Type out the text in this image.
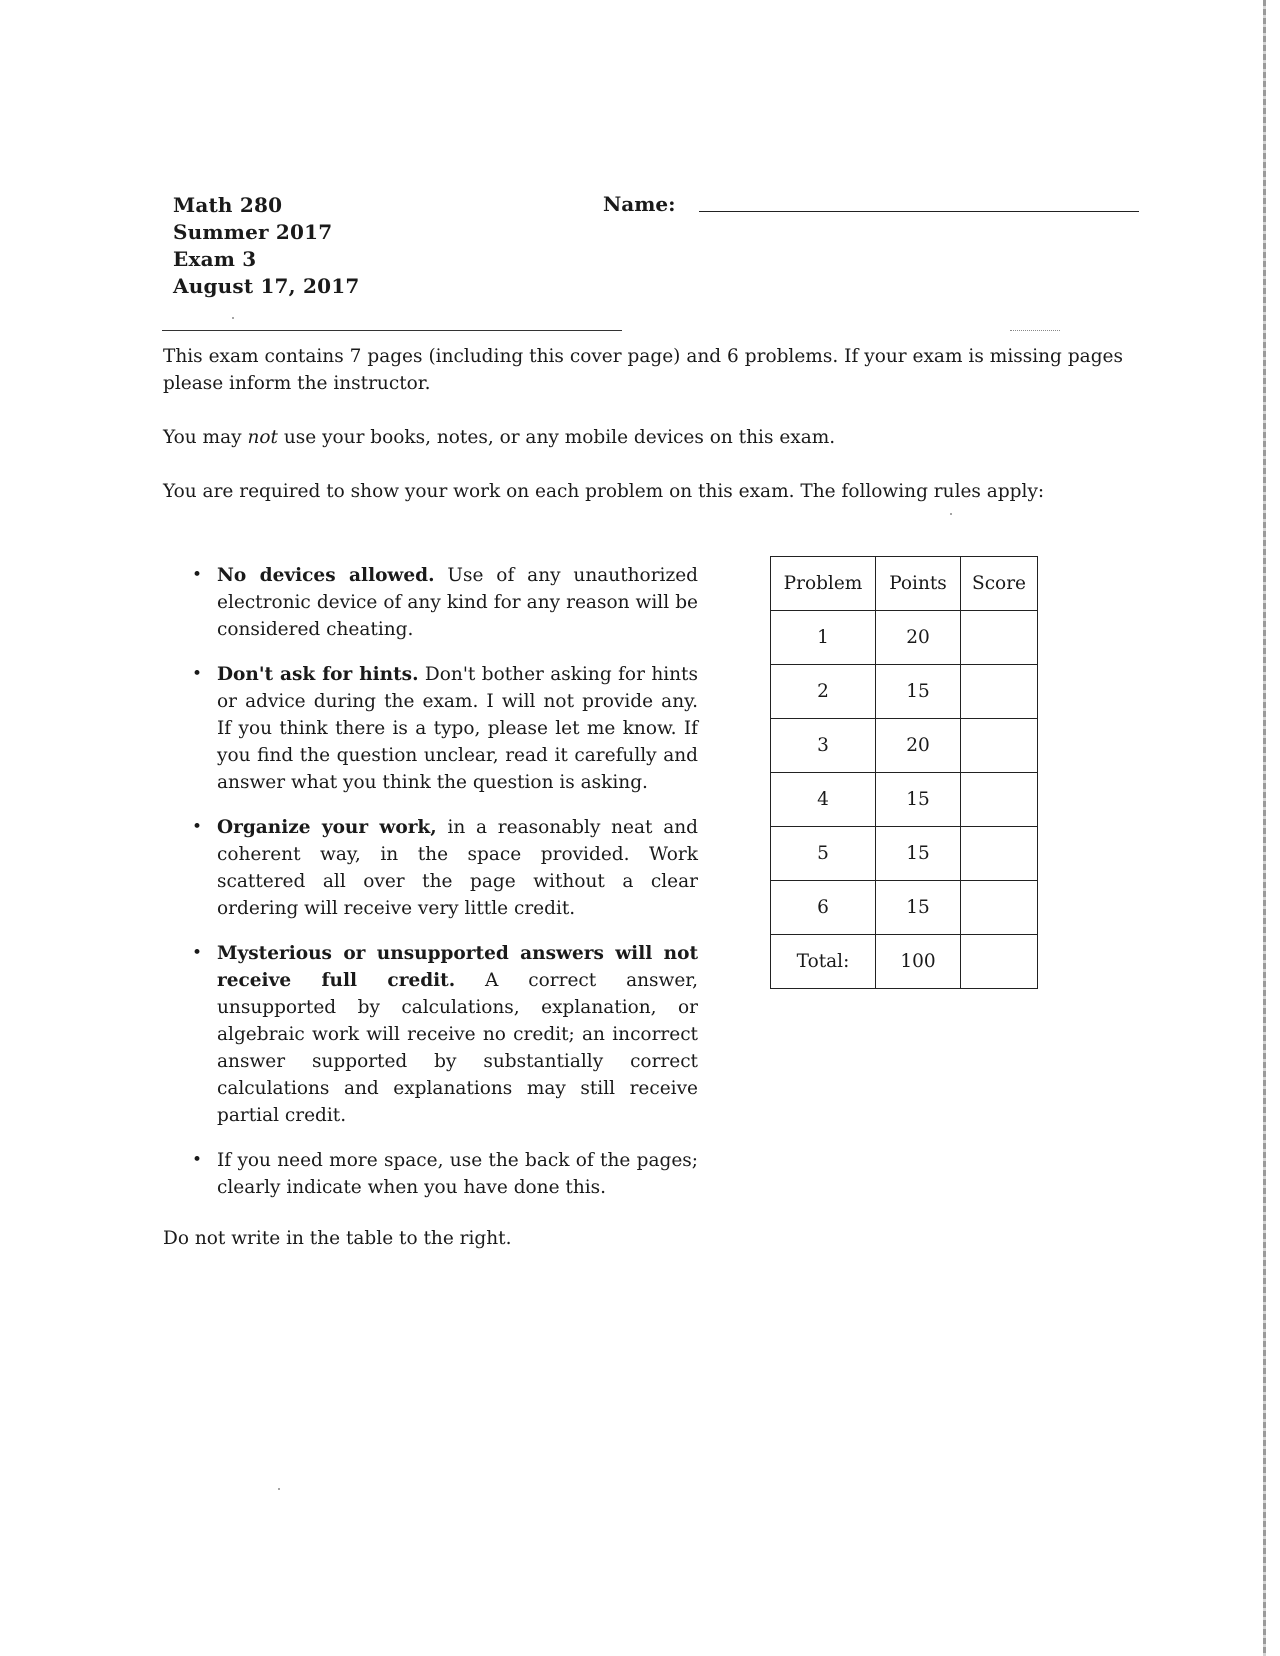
Math 280
Summer 2017
Exam 3
August 17, 2017
Name:

This exam contains 7 pages (including this cover page) and 6 problems. If your exam is missing pages please inform the instructor.

You may not use your books, notes, or any mobile devices on this exam.

You are required to show your work on each problem on this exam. The following rules apply:

• No devices allowed. Use of any unauthorized electronic device of any kind for any reason will be considered cheating.
• Don't ask for hints. Don't bother asking for hints or advice during the exam. I will not provide any. If you think there is a typo, please let me know. If you find the question unclear, read it carefully and answer what you think the question is asking.
• Organize your work, in a reasonably neat and coherent way, in the space provided. Work scattered all over the page without a clear ordering will receive very little credit.
• Mysterious or unsupported answers will not receive full credit. A correct answer, unsupported by calculations, explanation, or algebraic work will receive no credit; an incorrect answer supported by substantially correct calculations and explanations may still receive partial credit.
• If you need more space, use the back of the pages; clearly indicate when you have done this.
Do not write in the table to the right.
Problem	Points	Score
1	20	
2	15	
3	20	
4	15	
5	15	
6	15	
Total:	100	
